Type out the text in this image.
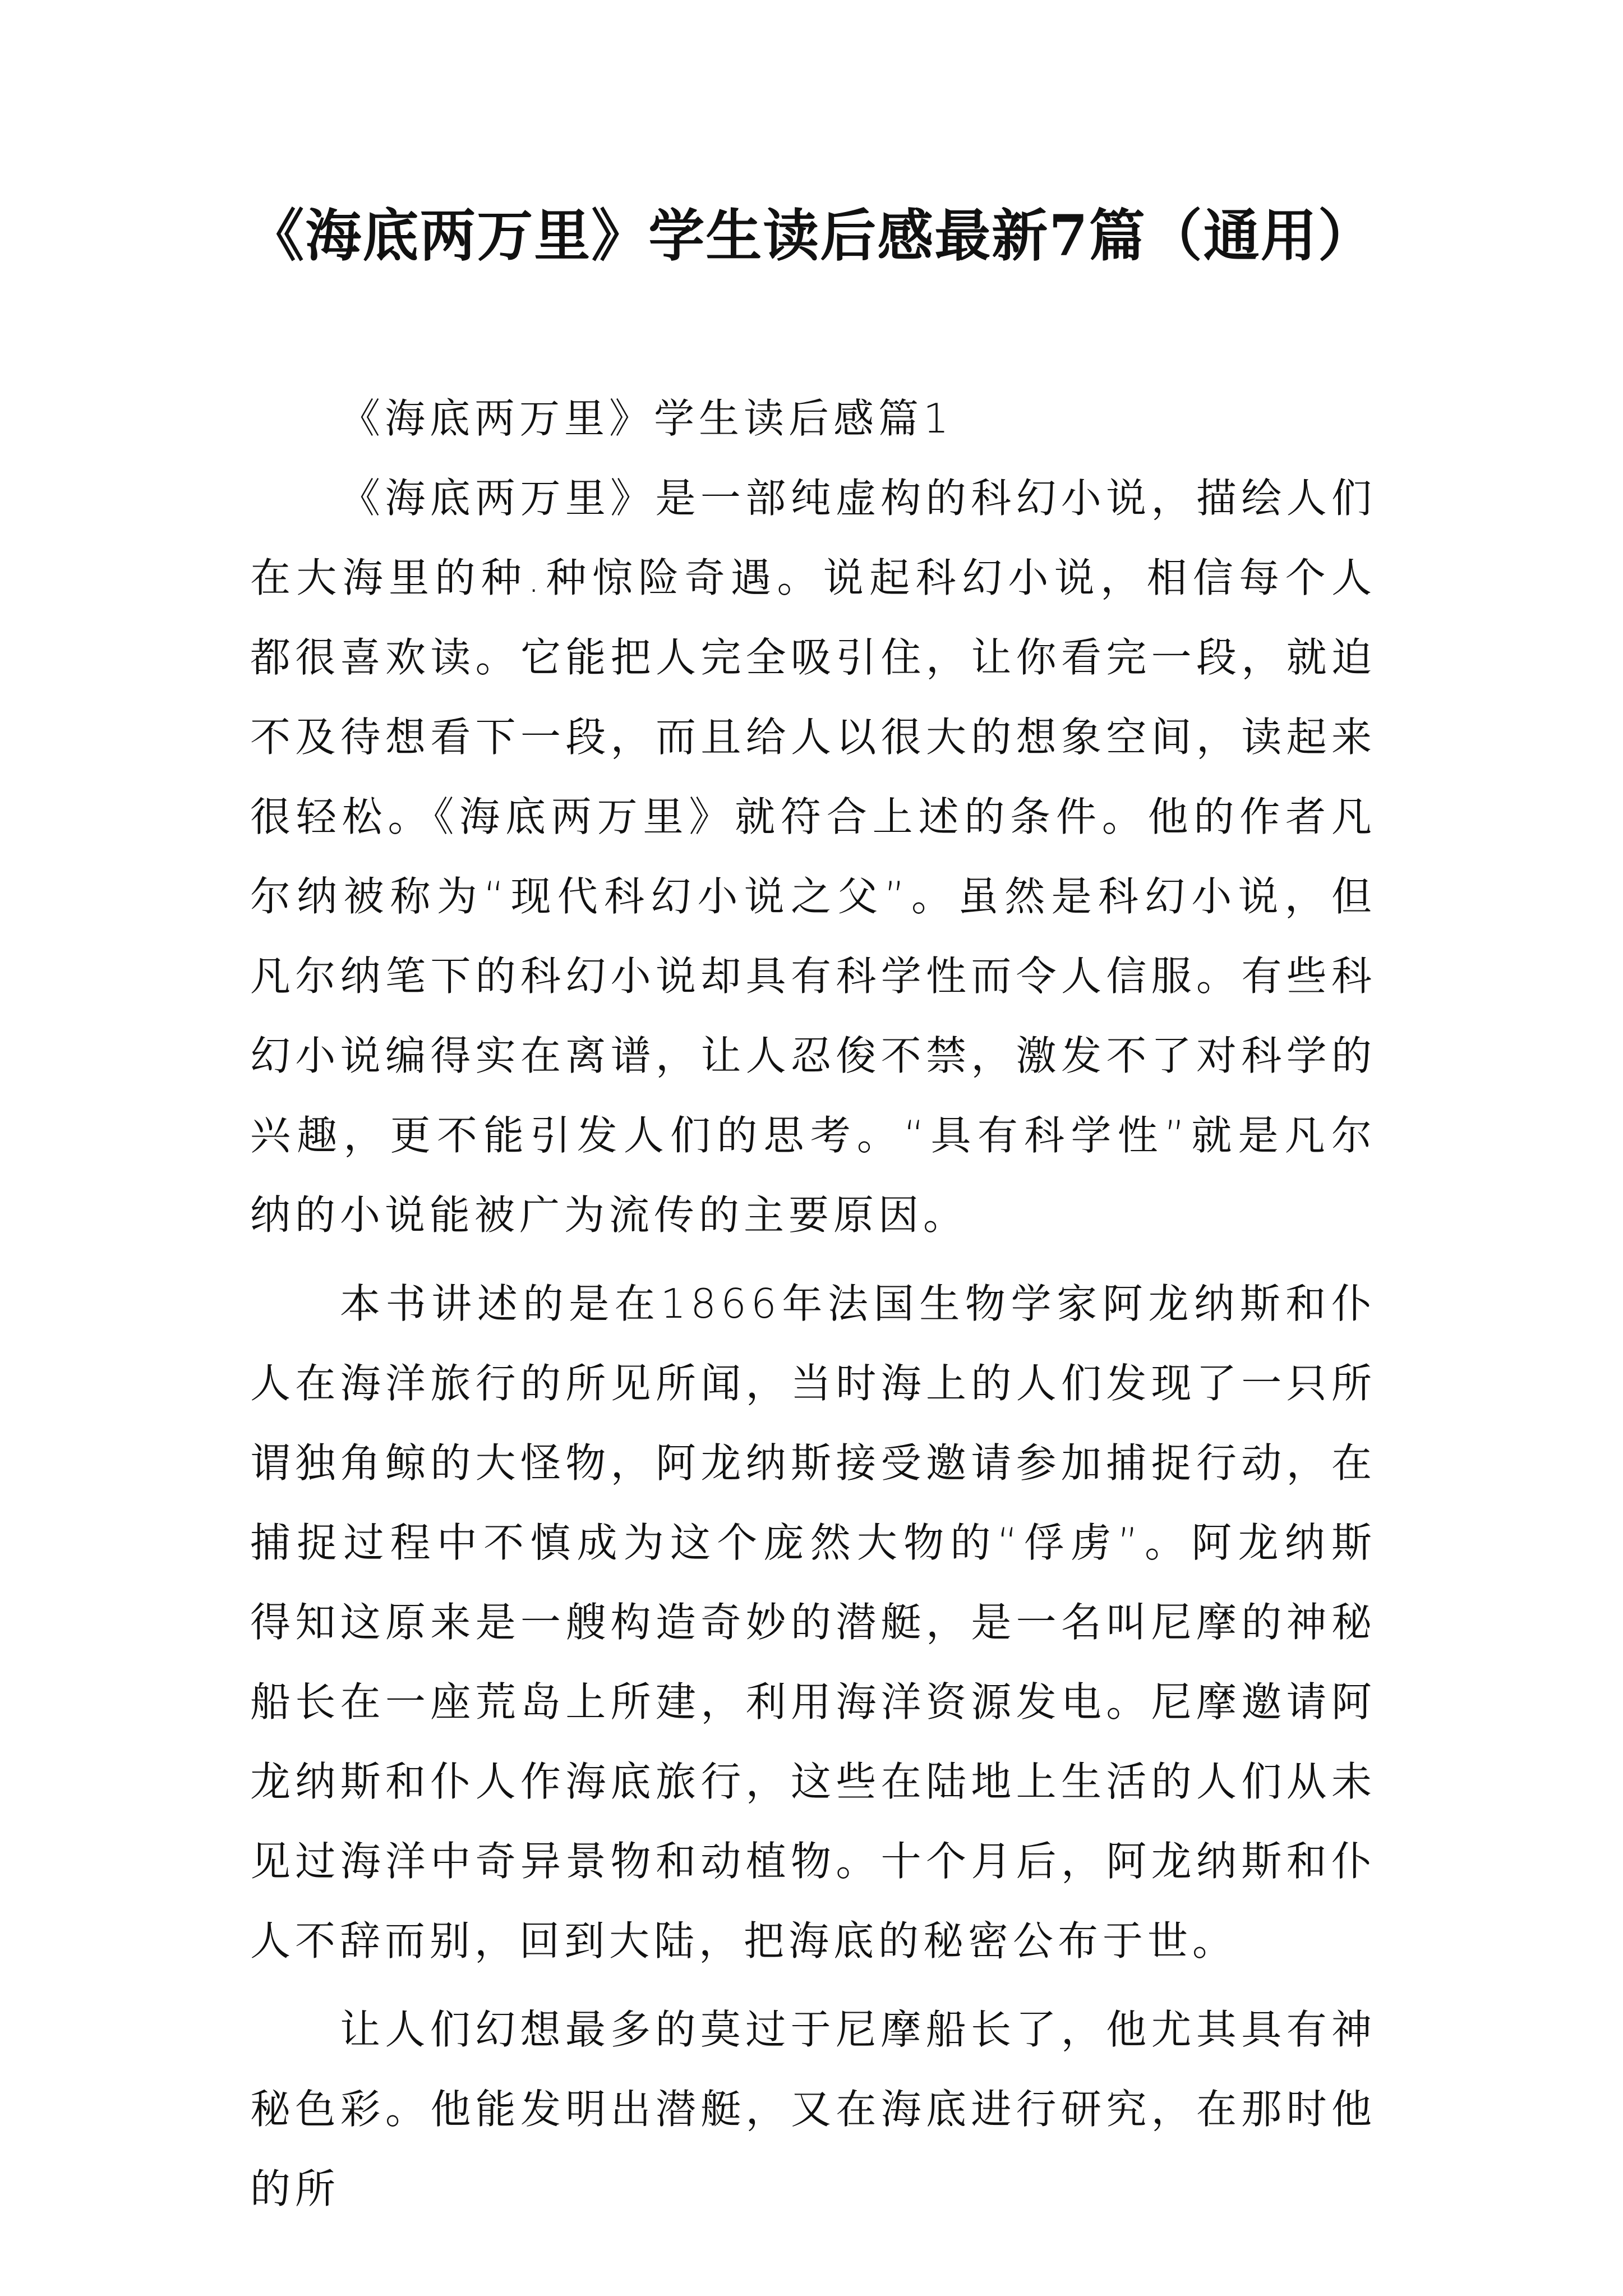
《海底两万里》学生读后感最新7篇（通用）

《海底两万里》学生读后感篇1

《海底两万里》是一部纯虚构的科幻小说，描绘人们在大海里的种.种惊险奇遇。说起科幻小说，相信每个人都很喜欢读。它能把人完全吸引住，让你看完一段，就迫不及待想看下一段，而且给人以很大的想象空间，读起来很轻松。《海底两万里》就符合上述的条件。他的作者凡尔纳被称为“现代科幻小说之父”。虽然是科幻小说，但凡尔纳笔下的科幻小说却具有科学性而令人信服。有些科幻小说编得实在离谱，让人忍俊不禁，激发不了对科学的兴趣，更不能引发人们的思考。“具有科学性”就是凡尔纳的小说能被广为流传的主要原因。

本书讲述的是在1866年法国生物学家阿龙纳斯和仆人在海洋旅行的所见所闻，当时海上的人们发现了一只所谓独角鲸的大怪物，阿龙纳斯接受邀请参加捕捉行动，在捕捉过程中不慎成为这个庞然大物的“俘虏”。阿龙纳斯得知这原来是一艘构造奇妙的潜艇，是一名叫尼摩的神秘船长在一座荒岛上所建，利用海洋资源发电。尼摩邀请阿龙纳斯和仆人作海底旅行，这些在陆地上生活的人们从未见过海洋中奇异景物和动植物。十个月后，阿龙纳斯和仆人不辞而别，回到大陆，把海底的秘密公布于世。

让人们幻想最多的莫过于尼摩船长了，他尤其具有神秘色彩。他能发明出潜艇，又在海底进行研究，在那时他的所
